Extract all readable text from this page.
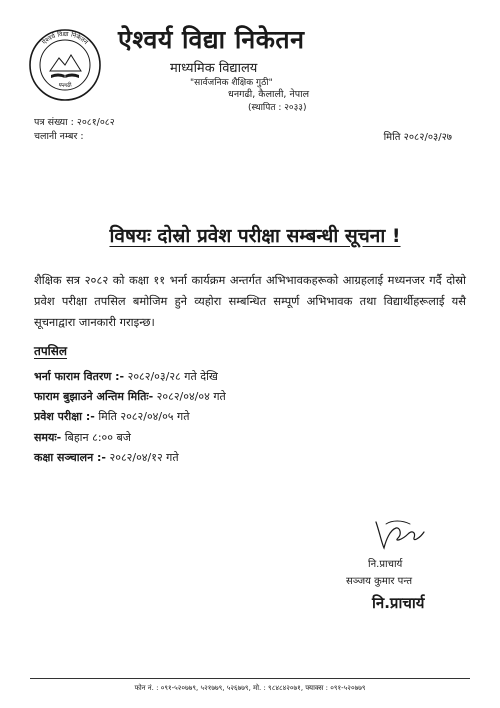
ऐश्वर्य विद्या निकेतन
धनगढी
ऐश्वर्य विद्या निकेतन
माध्यमिक विद्यालय
"सार्वजनिक शैक्षिक गुठी"
धनगढी, कैलाली, नेपाल
(स्थापित : २०३३)
पत्र संख्या : २०८१/०८२
चलानी नम्बर :	मिति २०८२/०३/२७
विषयः दोस्रो प्रवेश परीक्षा सम्बन्धी सूचना !
शैक्षिक सत्र २०८२ को कक्षा ११ भर्ना कार्यक्रम अन्तर्गत अभिभावकहरूको आग्रहलाई मध्यनजर गर्दै दोस्रो प्रवेश परीक्षा तपसिल बमोजिम हुने व्यहोरा सम्बन्धित सम्पूर्ण अभिभावक तथा विद्यार्थीहरूलाई यसै सूचनाद्वारा जानकारी गराइन्छ।
तपसिल
भर्ना फाराम वितरण :- २०८२/०३/२८ गते देखि
फाराम बुझाउने अन्तिम मितिः- २०८२/०४/०४ गते
प्रवेश परीक्षा :- मिति २०८२/०४/०५ गते
समयः- बिहान ८:०० बजे
कक्षा सञ्चालन :- २०८२/०४/१२ गते
नि.प्राचार्य
सञ्जय कुमार पन्त
नि.प्राचार्य
फोन नं. : ०९१-५२०७७९, ५२१७७९, ५२६७७९, मो. : ९८४८४२०७१, फ्याक्स : ०९१-५२०७७९
